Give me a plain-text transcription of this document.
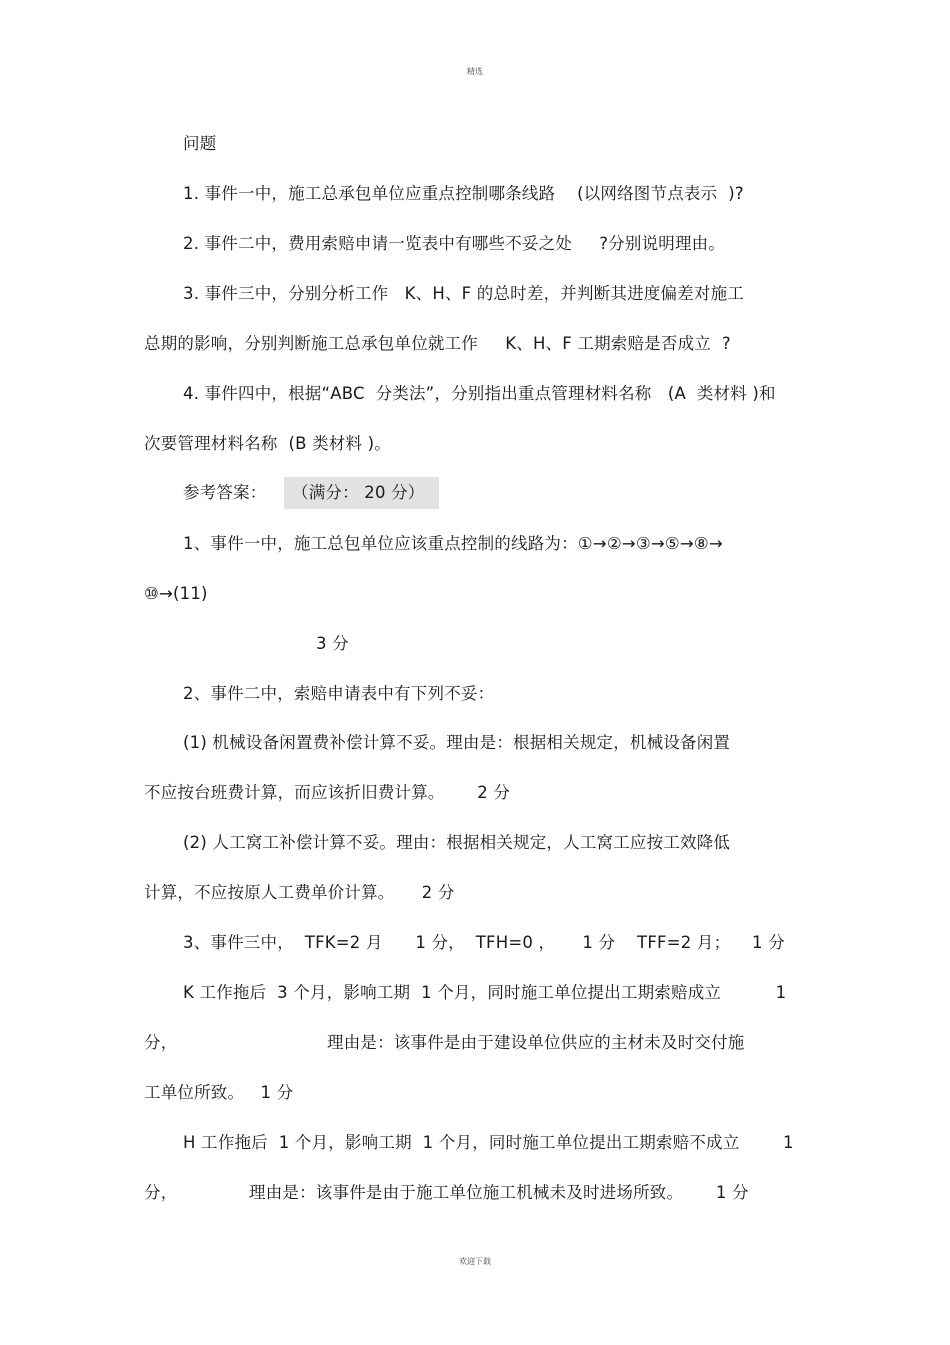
精选
问题
1. 事件一中，施工总承包单位应重点控制哪条线路    (以网络图节点表示  )?
2. 事件二中，费用索赔申请一览表中有哪些不妥之处     ?分别说明理由。
3. 事件三中，分别分析工作   K、H、F 的总时差，并判断其进度偏差对施工
总期的影响，分别判断施工总承包单位就工作     K、H、F 工期索赔是否成立  ?
4. 事件四中，根据“ABC  分类法”，分别指出重点管理材料名称   (A  类材料 )和
次要管理材料名称  (B 类材料 )。
参考答案：	（满分： 20 分）
1、事件一中，施工总包单位应该重点控制的线路为：①→②→③→⑤→⑧→
⑩→(11)
3 分
2、事件二中，索赔申请表中有下列不妥：
(1) 机械设备闲置费补偿计算不妥。理由是：根据相关规定，机械设备闲置
不应按台班费计算，而应该折旧费计算。      2 分
(2) 人工窝工补偿计算不妥。理由：根据相关规定，人工窝工应按工效降低
计算，不应按原人工费单价计算。     2 分
3、事件三中，  TFK=2 月      1 分，  TFH=0 ，     1 分    TFF=2 月；    1 分
K 工作拖后  3 个月，影响工期  1 个月，同时施工单位提出工期索赔成立          1
分，	理由是：该事件是由于建设单位供应的主材未及时交付施
工单位所致。   1 分
H 工作拖后  1 个月，影响工期  1 个月，同时施工单位提出工期索赔不成立        1
分，	理由是：该事件是由于施工单位施工机械未及时进场所致。      1 分
欢迎下载
